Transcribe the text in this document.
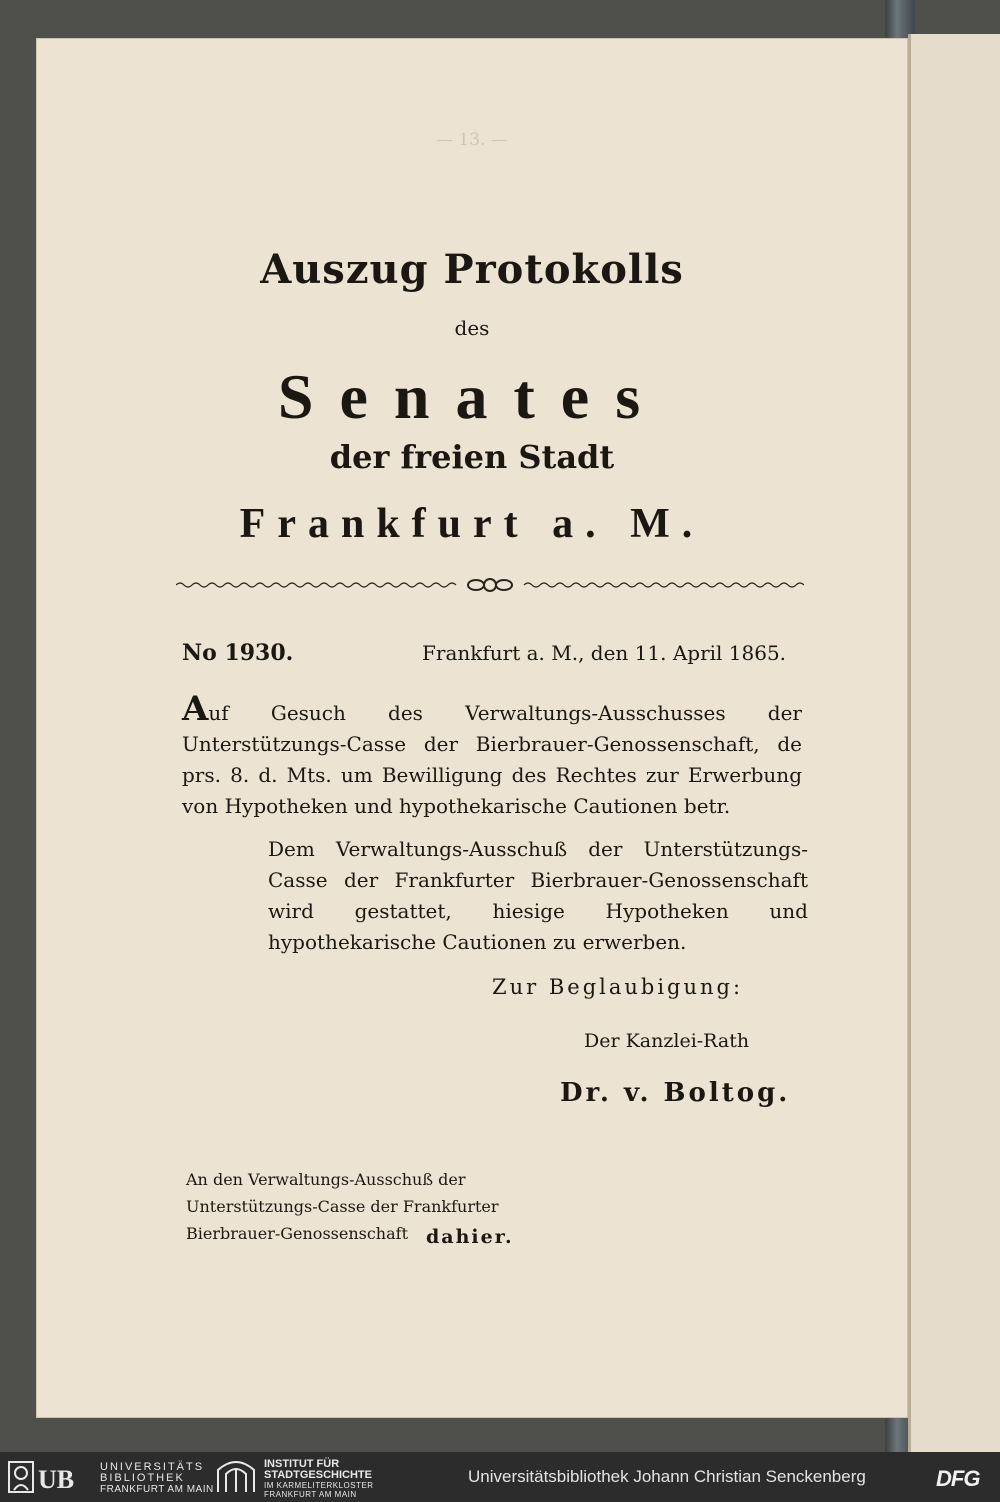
— 13. —
Auszug Protokolls
des
Senates
der freien Stadt
Frankfurt a. M.
No 1930.	Frankfurt a. M., den 11. April 1865.
Auf Gesuch des Verwaltungs-Ausschusses der Unterstützungs-Casse der Bierbrauer-Genossenschaft, de prs. 8. d. Mts. um Bewilligung des Rechtes zur Erwerbung von Hypotheken und hypothekarische Cautionen betr.
Dem Verwaltungs-Ausschuß der Unterstützungs-Casse der Frankfurter Bierbrauer-Genossenschaft wird gestattet, hiesige Hypotheken und hypothekarische Cautionen zu erwerben.
Zur Beglaubigung:
Der Kanzlei-Rath
Dr. v. Boltog.
An den Verwaltungs-Ausschuß der Unterstützungs-Casse der Frankfurter Bierbrauer-Genossenschaft dahier.
UB UNIVERSITÄTS
BIBLIOTHEK
FRANKFURT AM MAIN
INSTITUT FÜR
STADTGESCHICHTE
IM KARMELITERKLOSTER
FRANKFURT AM MAIN
Universitätsbibliothek Johann Christian Senckenberg	DFG
